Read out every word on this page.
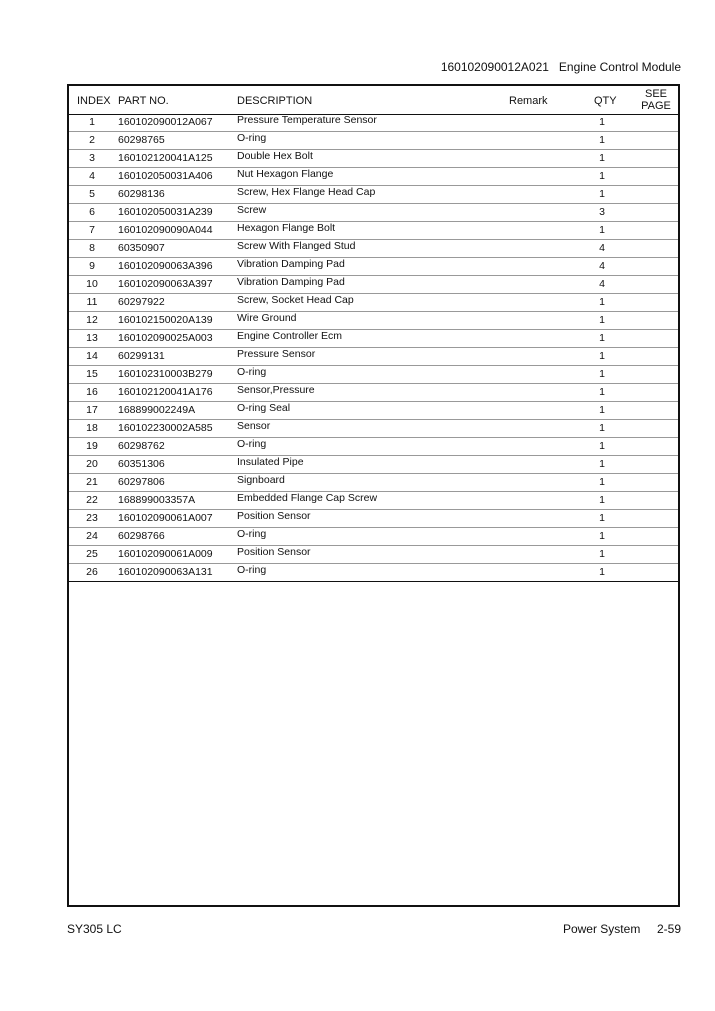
160102090012A021   Engine Control Module
INDEX PART NO.	DESCRIPTION	Remark	QTY
SEE
PAGE
1	160102090012A067 Pressure Temperature Sensor	1
2	60298765	O-ring	1
3	160102120041A125 Double Hex Bolt	1
4	160102050031A406 Nut Hexagon Flange	1
5	60298136	Screw, Hex Flange Head Cap	1
6	160102050031A239 Screw	3
7	160102090090A044 Hexagon Flange Bolt	1
8	60350907	Screw With Flanged Stud	4
9	160102090063A396 Vibration Damping Pad	4
10	160102090063A397 Vibration Damping Pad	4
11	60297922	Screw, Socket Head Cap	1
12	160102150020A139 Wire Ground	1
13	160102090025A003 Engine Controller Ecm	1
14	60299131	Pressure Sensor	1
15	160102310003B279 O-ring	1
16	160102120041A176 Sensor,Pressure	1
17	168899002249A	O-ring Seal	1
18	160102230002A585 Sensor	1
19	60298762	O-ring	1
20	60351306	Insulated Pipe	1
21	60297806	Signboard	1
22	168899003357A	Embedded Flange Cap Screw	1
23	160102090061A007 Position Sensor	1
24	60298766	O-ring	1
25	160102090061A009 Position Sensor	1
26	160102090063A131 O-ring	1
SY305 LC	Power System     2-59
